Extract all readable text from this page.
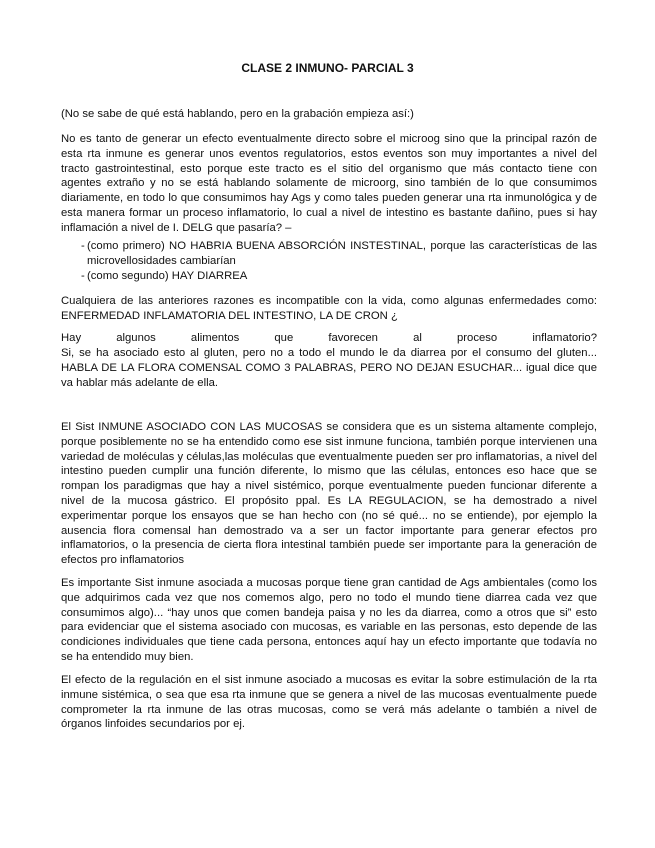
CLASE 2 INMUNO- PARCIAL 3

(No se sabe de qué está hablando, pero en la grabación empieza así:)

No es tanto de generar un efecto eventualmente directo sobre el microog sino que la principal razón de esta rta inmune es generar unos eventos regulatorios, estos eventos son muy importantes a nivel del tracto gastrointestinal, esto porque este tracto es el sitio del organismo que más contacto tiene con agentes extraño y no se está hablando solamente de microorg, sino también de lo que consumimos diariamente, en todo lo que consumimos hay Ags y como tales pueden generar una rta inmunológica y de esta manera formar un proceso inflamatorio, lo cual a nivel de intestino es bastante dañino, pues si hay inflamación a nivel de I. DELG que pasaría? –

- (como primero) NO HABRIA BUENA ABSORCIÓN INSTESTINAL, porque las características de las microvellosidades cambiarían
- (como segundo) HAY DIARREA

Cualquiera de las anteriores razones es incompatible con la vida, como algunas enfermedades como: ENFERMEDAD INFLAMATORIA DEL INTESTINO, LA DE CRON ¿

Hay algunos alimentos que favorecen al proceso inflamatorio?

Si, se ha asociado esto al gluten, pero no a todo el mundo le da diarrea por el consumo del gluten... HABLA DE LA FLORA COMENSAL COMO 3 PALABRAS, PERO NO DEJAN ESUCHAR... igual dice que va hablar más adelante de ella.

El Sist INMUNE ASOCIADO CON LAS MUCOSAS se considera que es un sistema altamente complejo, porque posiblemente no se ha entendido como ese sist inmune funciona, también porque intervienen una variedad de moléculas y células,las moléculas que eventualmente pueden ser pro inflamatorias, a nivel del intestino pueden cumplir una función diferente, lo mismo que las células, entonces eso hace que se rompan los paradigmas que hay a nivel sistémico, porque eventualmente pueden funcionar diferente a nivel de la mucosa gástrico. El propósito ppal. Es LA REGULACION, se ha demostrado a nivel experimentar porque los ensayos que se han hecho con (no sé qué... no se entiende), por ejemplo la ausencia flora comensal han demostrado va a ser un factor importante para generar efectos pro inflamatorios, o la presencia de cierta flora intestinal también puede ser importante para la generación de efectos pro inflamatorios

Es importante Sist inmune asociada a mucosas porque tiene gran cantidad de Ags ambientales (como los que adquirimos cada vez que nos comemos algo, pero no todo el mundo tiene diarrea cada vez que consumimos algo)... “hay unos que comen bandeja paisa y no les da diarrea, como a otros que si” esto para evidenciar que el sistema asociado con mucosas, es variable en las personas, esto depende de las condiciones individuales que tiene cada persona, entonces aquí hay un efecto importante que todavía no se ha entendido muy bien.

El efecto de la regulación en el sist inmune asociado a mucosas es evitar la sobre estimulación de la rta inmune sistémica, o sea que esa rta inmune que se genera a nivel de las mucosas eventualmente puede comprometer la rta inmune de las otras mucosas, como se verá más adelante o también a nivel de órganos linfoides secundarios por ej.
